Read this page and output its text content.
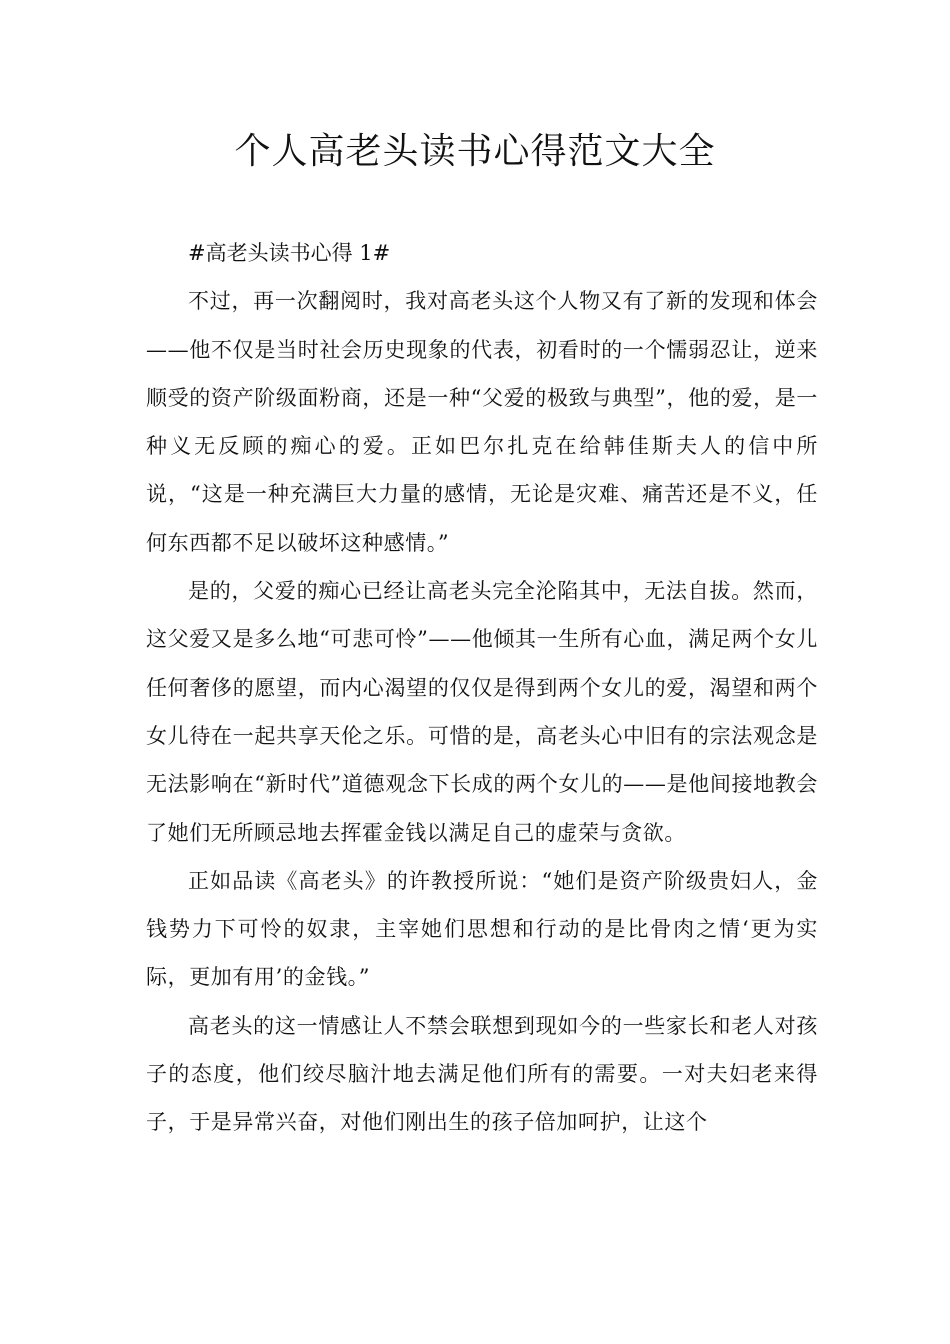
个人高老头读书心得范文大全

#高老头读书心得 1#

不过，再一次翻阅时，我对高老头这个人物又有了新的发现和体会——他不仅是当时社会历史现象的代表，初看时的一个懦弱忍让，逆来顺受的资产阶级面粉商，还是一种“父爱的极致与典型”，他的爱，是一种义无反顾的痴心的爱。正如巴尔扎克在给韩佳斯夫人的信中所说，“这是一种充满巨大力量的感情，无论是灾难、痛苦还是不义，任何东西都不足以破坏这种感情。”

是的，父爱的痴心已经让高老头完全沦陷其中，无法自拔。然而，这父爱又是多么地“可悲可怜”——他倾其一生所有心血，满足两个女儿任何奢侈的愿望，而内心渴望的仅仅是得到两个女儿的爱，渴望和两个女儿待在一起共享天伦之乐。可惜的是，高老头心中旧有的宗法观念是无法影响在“新时代”道德观念下长成的两个女儿的——是他间接地教会了她们无所顾忌地去挥霍金钱以满足自己的虚荣与贪欲。

正如品读《高老头》的许教授所说：“她们是资产阶级贵妇人，金钱势力下可怜的奴隶，主宰她们思想和行动的是比骨肉之情‘更为实际，更加有用’的金钱。”

高老头的这一情感让人不禁会联想到现如今的一些家长和老人对孩子的态度，他们绞尽脑汁地去满足他们所有的需要。一对夫妇老来得子，于是异常兴奋，对他们刚出生的孩子倍加呵护，让这个
